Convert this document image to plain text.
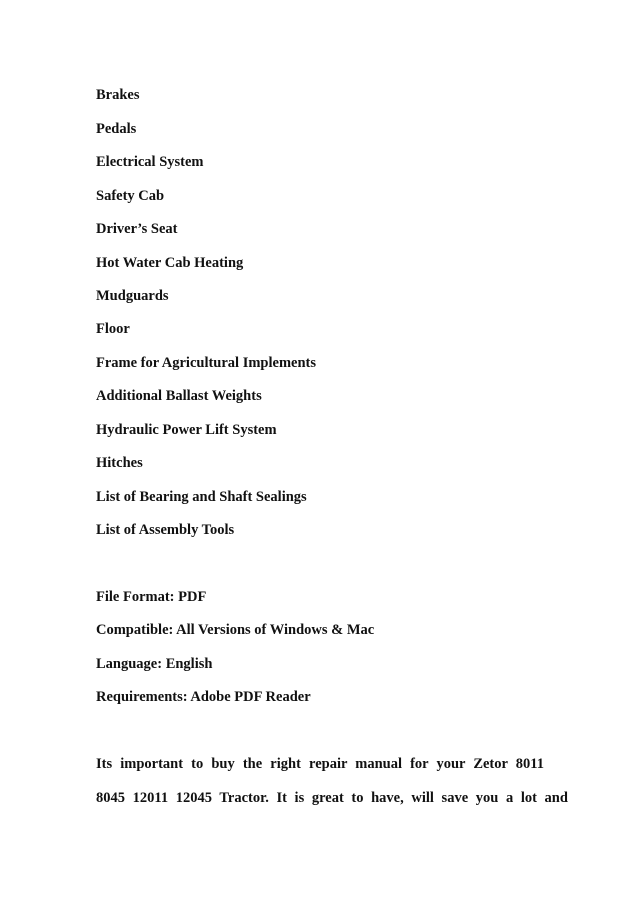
Brakes
Pedals
Electrical System
Safety Cab
Driver’s Seat
Hot Water Cab Heating
Mudguards
Floor
Frame for Agricultural Implements
Additional Ballast Weights
Hydraulic Power Lift System
Hitches
List of Bearing and Shaft Sealings
List of Assembly Tools
File Format: PDF
Compatible: All Versions of Windows & Mac
Language: English
Requirements: Adobe PDF Reader
Its important to buy the right repair manual for your Zetor 8011
8045 12011 12045 Tractor. It is great to have, will save you a lot and
